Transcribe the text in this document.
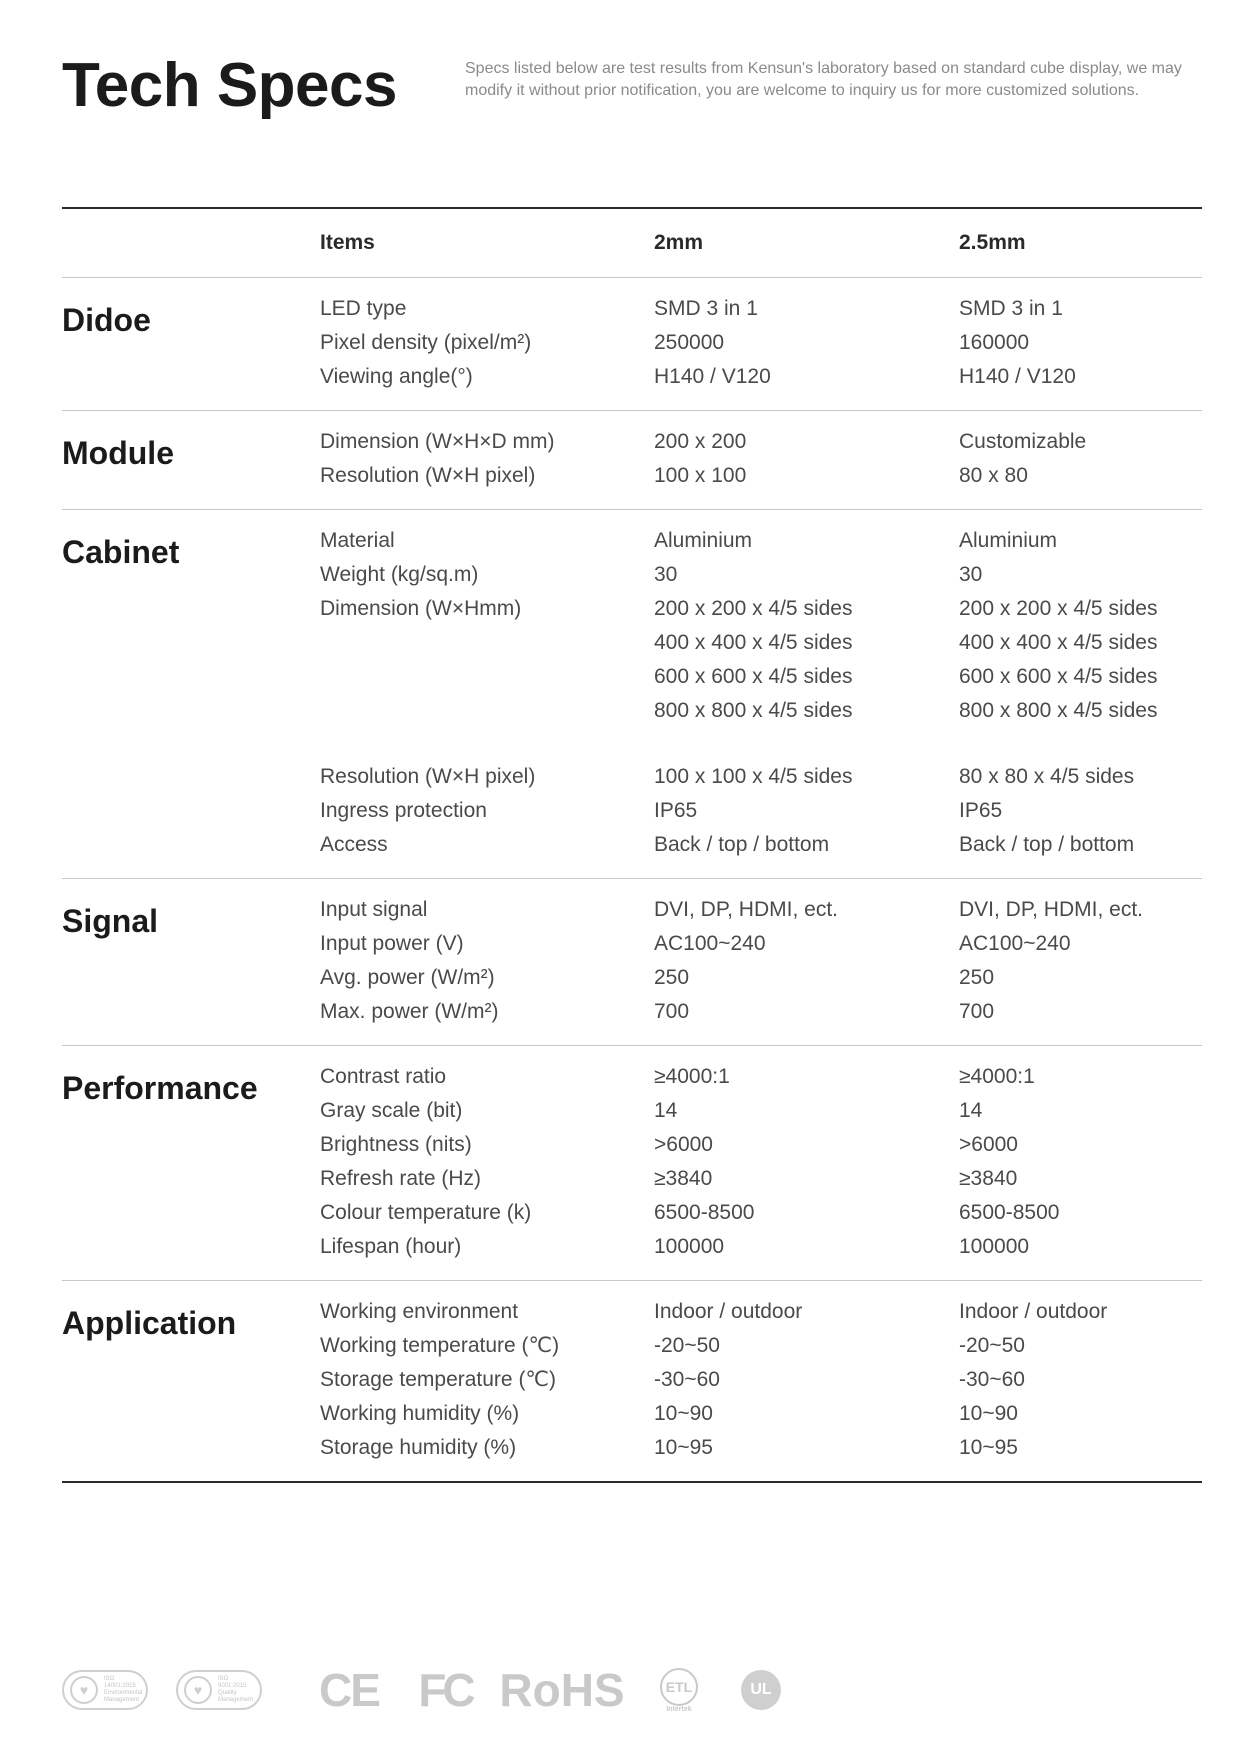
Tech Specs	Specs listed below are test results from Kensun's laboratory based on standard cube display, we may modify it without prior notification, you are welcome to inquiry us for more customized solutions.
Items	2mm	2.5mm
Didoe	LED type	SMD 3 in 1	SMD 3 in 1
Pixel density (pixel/m²)	250000	160000
Viewing angle(°)	H140 / V120	H140 / V120
Module	Dimension (W×H×D mm)	200 x 200	Customizable
Resolution (W×H pixel)	100 x 100	80 x 80
Cabinet	Material	Aluminium	Aluminium
Weight (kg/sq.m)	30	30
Dimension (W×Hmm)	200 x 200 x 4/5 sides	200 x 200 x 4/5 sides
400 x 400 x 4/5 sides	400 x 400 x 4/5 sides
600 x 600 x 4/5 sides	600 x 600 x 4/5 sides
800 x 800 x 4/5 sides	800 x 800 x 4/5 sides
Resolution (W×H pixel)	100 x 100 x 4/5 sides	80 x 80 x 4/5 sides
Ingress protection	IP65	IP65
Access	Back / top / bottom	Back / top / bottom
Signal	Input signal	DVI, DP, HDMI, ect.	DVI, DP, HDMI, ect.
Input power (V)	AC100~240	AC100~240
Avg. power (W/m²)	250	250
Max. power (W/m²)	700	700
Performance	Contrast ratio	≥4000:1	≥4000:1
Gray scale (bit)	14	14
Brightness (nits)	>6000	>6000
Refresh rate (Hz)	≥3840	≥3840
Colour temperature (k)	6500-8500	6500-8500
Lifespan (hour)	100000	100000
Application	Working environment	Indoor / outdoor	Indoor / outdoor
Working temperature (℃)	-20~50	-20~50
Storage temperature (℃)	-30~60	-30~60
Working humidity (%)	10~90	10~90
Storage humidity (%)	10~95	10~95
♥
ISO
14001:2015
Environmental
Management
♥
ISO
9001:2015
Quality
Management CE FC RoHS	ETL
Intertek
UL
